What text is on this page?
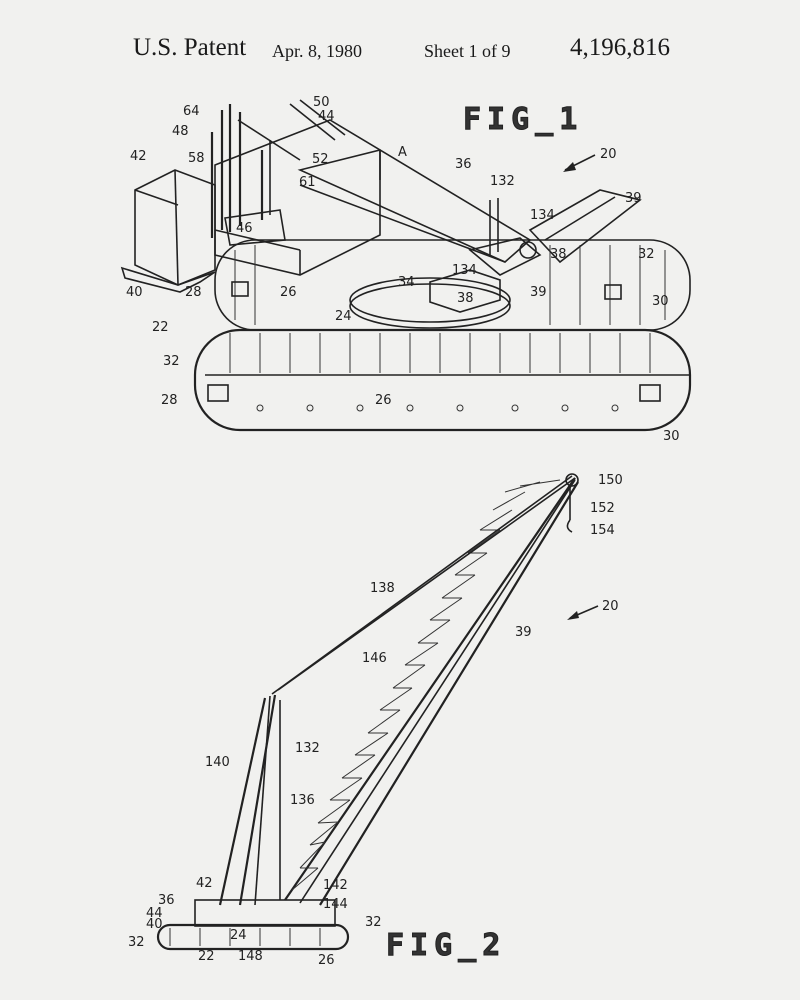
U.S. Patent Apr. 8, 1980	Sheet 1 of 9 4,196,816
FIG_1
FIG_2
64
50
44
48
42	58	52
61
46
36
20
132
134
39
38	32
134
38	39
30
40	28	26
34
24
22
32
28	26
30
A
150
152
154
138
20
39
146
140
132
136
42	142
36	144
44
40
24
32
32
22 148	26
